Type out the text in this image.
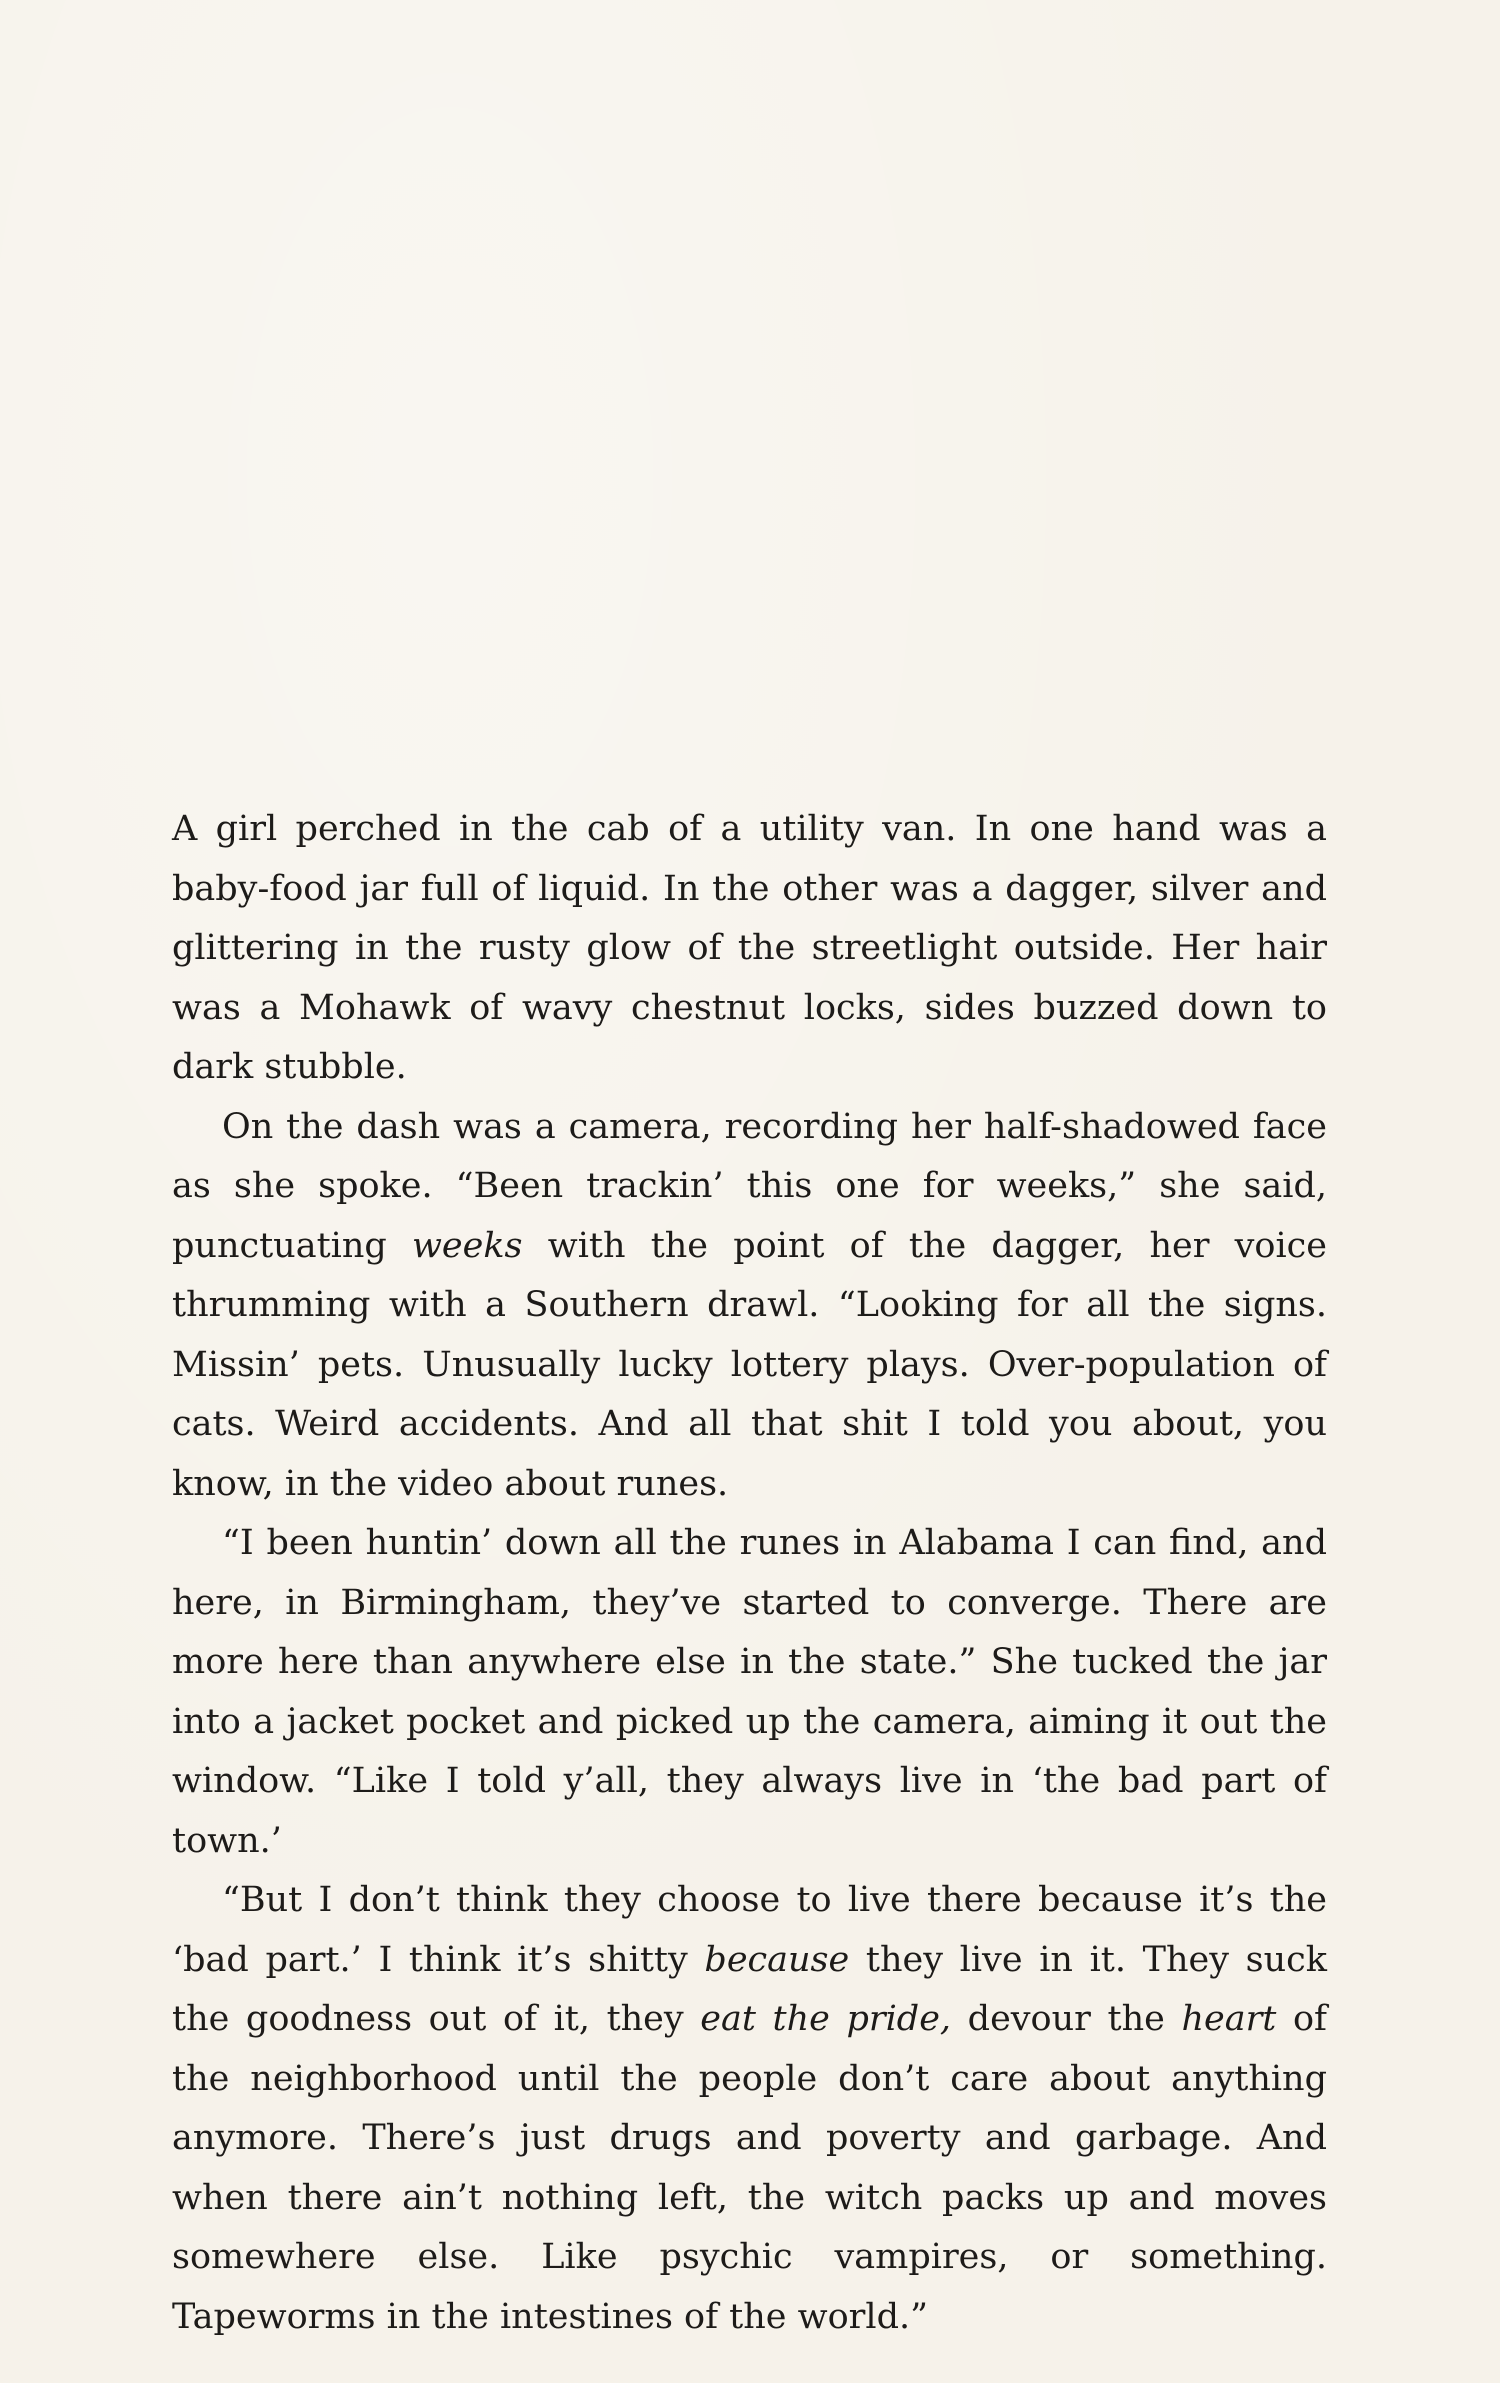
A girl perched in the cab of a utility van. In one hand was a baby-food jar full of liquid. In the other was a dagger, silver and glittering in the rusty glow of the streetlight outside. Her hair was a Mohawk of wavy chestnut locks, sides buzzed down to dark stubble.

On the dash was a camera, recording her half-shadowed face as she spoke. “Been trackin’ this one for weeks,” she said, punctuating weeks with the point of the dagger, her voice thrumming with a Southern drawl. “Looking for all the signs. Missin’ pets. Unusually lucky lottery plays. Over-population of cats. Weird accidents. And all that shit I told you about, you know, in the video about runes.

“I been huntin’ down all the runes in Alabama I can find, and here, in Birmingham, they’ve started to converge. There are more here than anywhere else in the state.” She tucked the jar into a jacket pocket and picked up the camera, aiming it out the window. “Like I told y’all, they always live in ‘the bad part of town.’

“But I don’t think they choose to live there because it’s the ‘bad part.’ I think it’s shitty because they live in it. They suck the goodness out of it, they eat the pride, devour the heart of the neighborhood until the people don’t care about anything anymore. There’s just drugs and poverty and garbage. And when there ain’t nothing left, the witch packs up and moves somewhere else. Like psychic vampires, or something. Tapeworms in the intestines of the world.”
